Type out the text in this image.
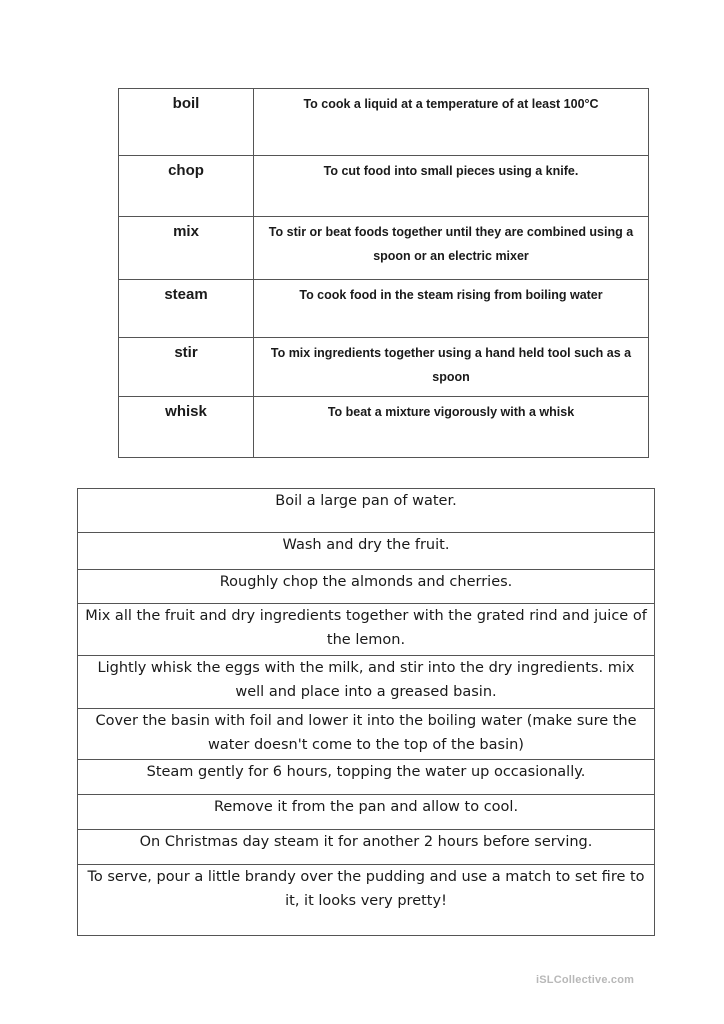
boil	To cook a liquid at a temperature of at least 100°C
chop	To cut food into small pieces using a knife.
mix	To stir or beat foods together until they are combined using a spoon or an electric mixer
steam	To cook food in the steam rising from boiling water
stir	To mix ingredients together using a hand held tool such as a spoon
whisk	To beat a mixture vigorously with a whisk
Boil a large pan of water.
Wash and dry the fruit.
Roughly chop the almonds and cherries.
Mix all the fruit and dry ingredients together with the grated rind and juice of the lemon.
Lightly whisk the eggs with the milk, and stir into the dry ingredients. mix well and place into a greased basin.
Cover the basin with foil and lower it into the boiling water (make sure the water doesn't come to the top of the basin)
Steam gently for 6 hours, topping the water up occasionally.
Remove it from the pan and allow to cool.
On Christmas day steam it for another 2 hours before serving.
To serve, pour a little brandy over the pudding and use a match to set fire to it, it looks very pretty!
iSLCollective.com
